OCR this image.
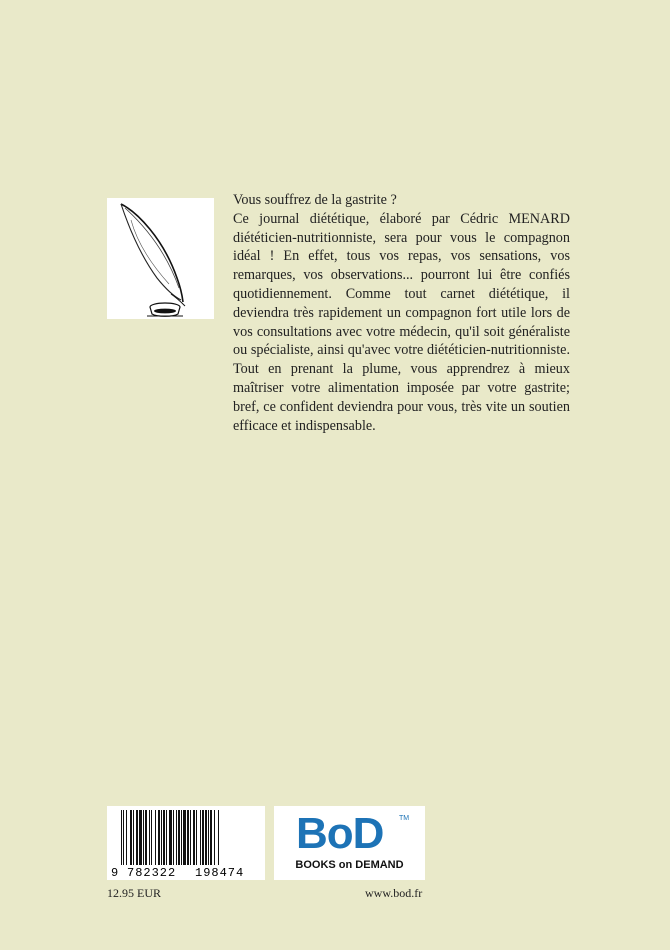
Vous souffrez de la gastrite ?

Ce journal diététique, élaboré par Cédric MENARD diététicien-nutritionniste, sera pour vous le compagnon idéal ! En effet, tous vos repas, vos sensations, vos remarques, vos observations... pourront lui être confiés quotidiennement. Comme tout carnet diététique, il deviendra très rapidement un compagnon fort utile lors de vos consultations avec votre médecin, qu'il soit généraliste ou spécialiste, ainsi qu'avec votre diététicien-nutritionniste. Tout en prenant la plume, vous apprendrez à mieux maîtriser votre alimentation imposée par votre gastrite; bref, ce confident deviendra pour vous, très vite un soutien efficace et indispensable.

9 782322 198474
BoD TM
BOOKS on DEMAND
12.95 EUR	www.bod.fr
